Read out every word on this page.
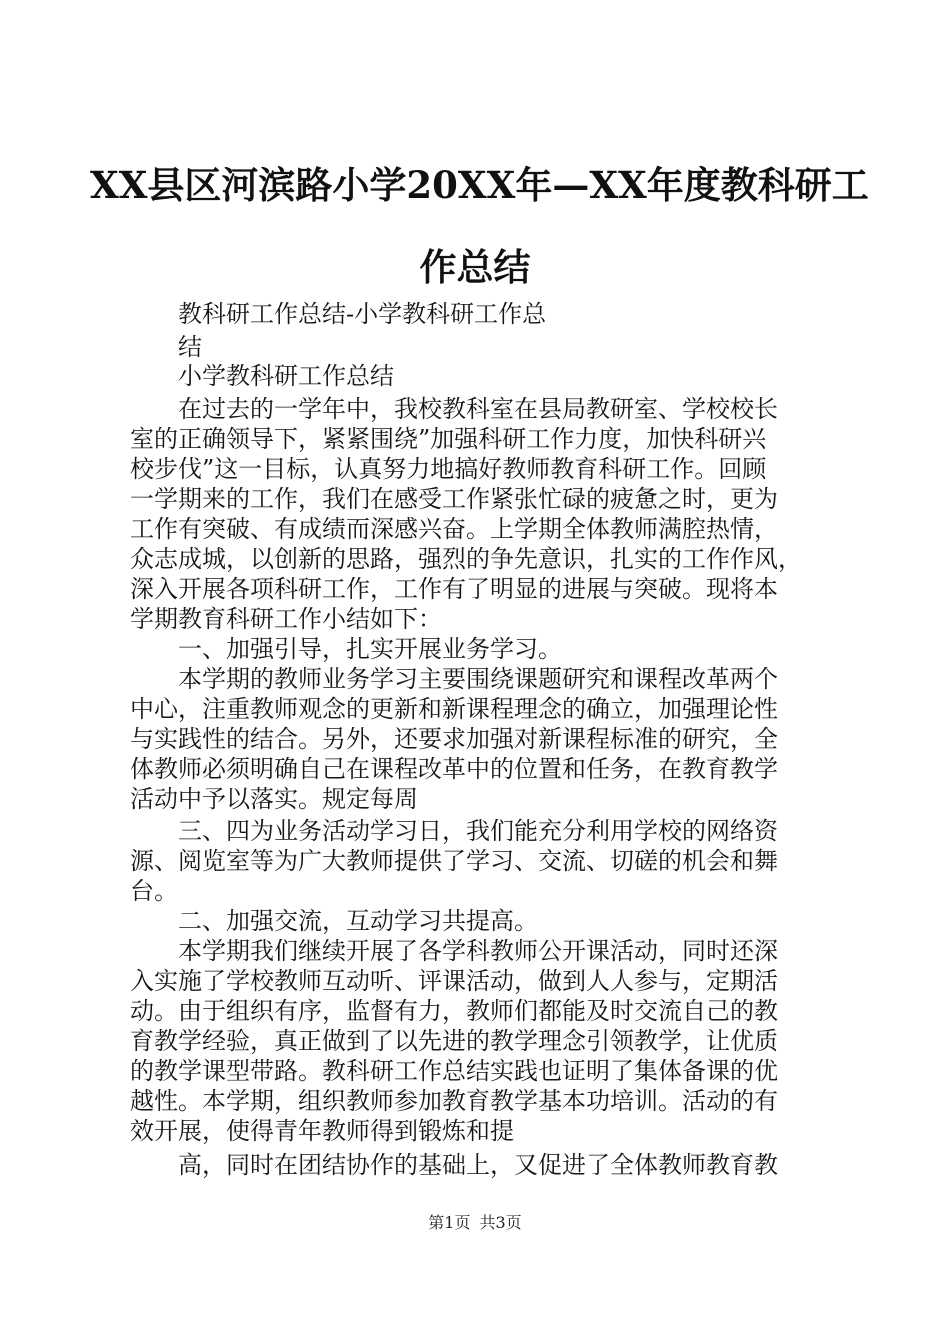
XX县区河滨路小学20XX年—XX年度教科研工
作总结

教科研工作总结-小学教科研工作总

结

小学教科研工作总结

在过去的一学年中，我校教科室在县局教研室、学校校长

室的正确领导下，紧紧围绕”加强科研工作力度，加快科研兴

校步伐”这一目标，认真努力地搞好教师教育科研工作。回顾

一学期来的工作，我们在感受工作紧张忙碌的疲惫之时，更为

工作有突破、有成绩而深感兴奋。上学期全体教师满腔热情，

众志成城，以创新的思路，强烈的争先意识，扎实的工作作风，

深入开展各项科研工作，工作有了明显的进展与突破。现将本

学期教育科研工作小结如下：

一、加强引导，扎实开展业务学习。

本学期的教师业务学习主要围绕课题研究和课程改革两个

中心，注重教师观念的更新和新课程理念的确立，加强理论性

与实践性的结合。另外，还要求加强对新课程标准的研究，全

体教师必须明确自己在课程改革中的位置和任务，在教育教学

活动中予以落实。规定每周

三、四为业务活动学习日，我们能充分利用学校的网络资

源、阅览室等为广大教师提供了学习、交流、切磋的机会和舞

台。

二、加强交流，互动学习共提高。

本学期我们继续开展了各学科教师公开课活动，同时还深

入实施了学校教师互动听、评课活动，做到人人参与，定期活

动。由于组织有序，监督有力，教师们都能及时交流自己的教

育教学经验，真正做到了以先进的教学理念引领教学，让优质

的教学课型带路。教科研工作总结实践也证明了集体备课的优

越性。本学期，组织教师参加教育教学基本功培训。活动的有

效开展，使得青年教师得到锻炼和提

高，同时在团结协作的基础上，又促进了全体教师教育教

第1页 共3页
